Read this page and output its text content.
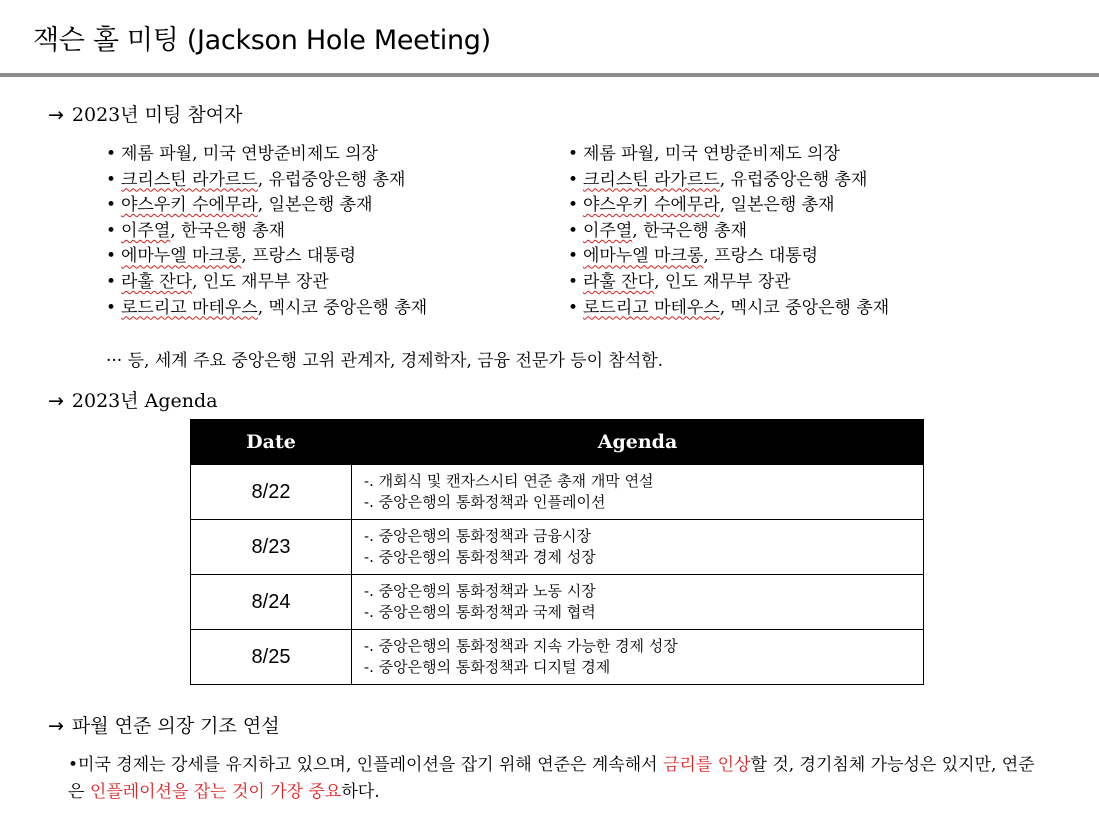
잭슨 홀 미팅 (Jackson Hole Meeting)
→ 2023년 미팅 참여자
• 제롬 파월, 미국 연방준비제도 의장
• 크리스틴 라가르드, 유럽중앙은행 총재
• 야스우키 수에무라, 일본은행 총재
• 이주열, 한국은행 총재
• 에마누엘 마크롱, 프랑스 대통령
• 라훌 잔다, 인도 재무부 장관
• 로드리고 마테우스, 멕시코 중앙은행 총재
• 제롬 파월, 미국 연방준비제도 의장
• 크리스틴 라가르드, 유럽중앙은행 총재
• 야스우키 수에무라, 일본은행 총재
• 이주열, 한국은행 총재
• 에마누엘 마크롱, 프랑스 대통령
• 라훌 잔다, 인도 재무부 장관
• 로드리고 마테우스, 멕시코 중앙은행 총재
··· 등, 세계 주요 중앙은행 고위 관계자, 경제학자, 금융 전문가 등이 참석함.
→ 2023년 Agenda
Date	Agenda
8/22	-. 개회식 및 캔자스시티 연준 총재 개막 연설
-. 중앙은행의 통화정책과 인플레이션

8/23	-. 중앙은행의 통화정책과 금융시장
-. 중앙은행의 통화정책과 경제 성장

8/24	-. 중앙은행의 통화정책과 노동 시장
-. 중앙은행의 통화정책과 국제 협력

8/25	-. 중앙은행의 통화정책과 지속 가능한 경제 성장
-. 중앙은행의 통화정책과 디지털 경제
→ 파월 연준 의장 기조 연설
•미국 경제는 강세를 유지하고 있으며, 인플레이션을 잡기 위해 연준은 계속해서 금리를 인상할 것, 경기침체 가능성은 있지만, 연준은 인플레이션을 잡는 것이 가장 중요하다.
